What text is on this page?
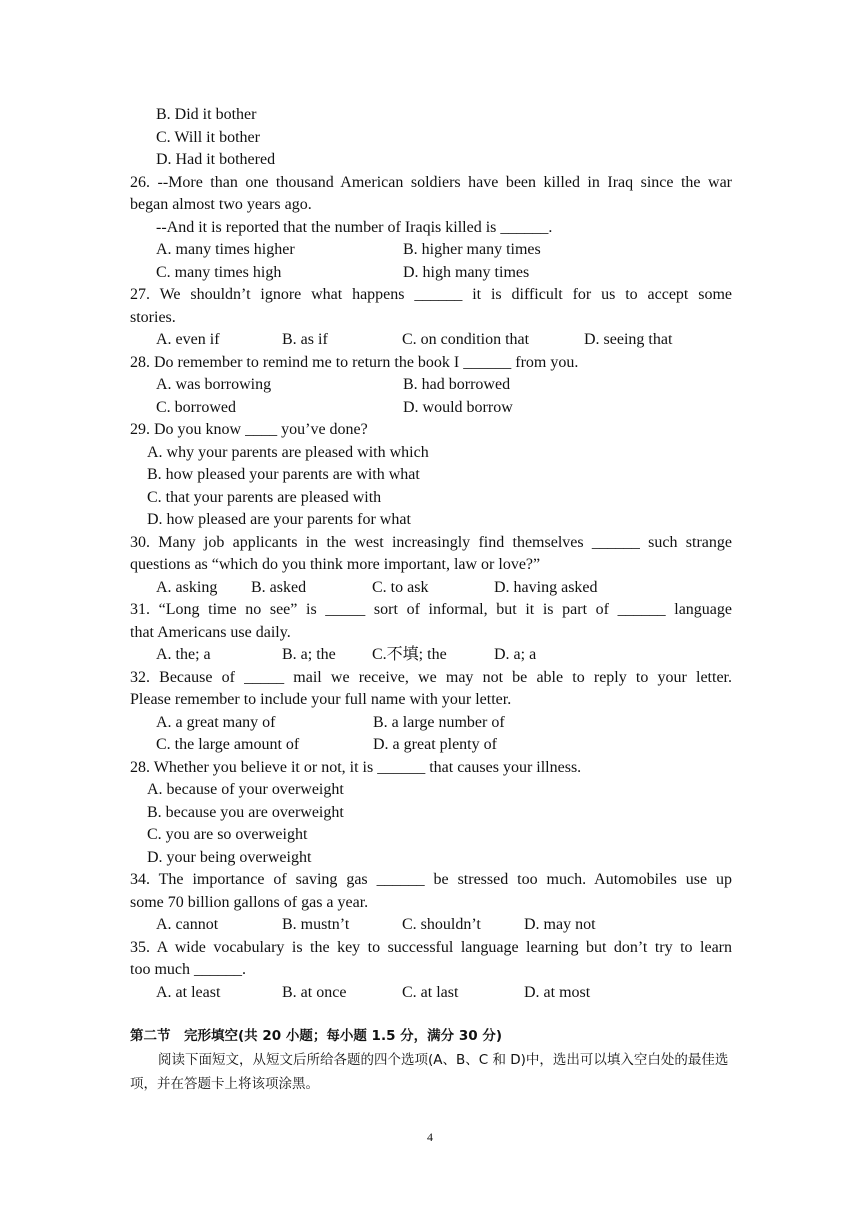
B. Did it bother
C. Will it bother
D. Had it bothered
26. --More than one thousand American soldiers have been killed in Iraq since the war
began almost two years ago.
--And it is reported that the number of Iraqis killed is ______.
A. many times higher	B. higher many times
C. many times high	D. high many times
27. We shouldn’t ignore what happens ______ it is difficult for us to accept some
stories.
A. even if	B. as if	C. on condition that	D. seeing that
28. Do remember to remind me to return the book I ______ from you.
A. was borrowing	B. had borrowed
C. borrowed	D. would borrow
29. Do you know ____ you’ve done?
A. why your parents are pleased with which
B. how pleased your parents are with what
C. that your parents are pleased with
D. how pleased are your parents for what
30. Many job applicants in the west increasingly find themselves ______ such strange
questions as “which do you think more important, law or love?”
A. asking	B. asked	C. to ask	D. having asked
31. “Long time no see” is _____ sort of informal, but it is part of ______ language
that Americans use daily.
A. the; a	B. a; the	C.不填; the	D. a; a
32. Because of _____ mail we receive, we may not be able to reply to your letter.
Please remember to include your full name with your letter.
A. a great many of	B. a large number of
C. the large amount of	D. a great plenty of
28. Whether you believe it or not, it is ______ that causes your illness.
A. because of your overweight
B. because you are overweight
C. you are so overweight
D. your being overweight
34. The importance of saving gas ______ be stressed too much. Automobiles use up
some 70 billion gallons of gas a year.
A. cannot	B. mustn’t	C. shouldn’t	D. may not
35. A wide vocabulary is the key to successful language learning but don’t try to learn
too much ______.
A. at least	B. at once	C. at last	D. at most
第二节　完形填空(共 20 小题；每小题 1.5 分，满分 30 分)
阅读下面短文，从短文后所给各题的四个选项(A、B、C 和 D)中，选出可以填入空白处的最佳选项，并在答题卡上将该项涂黑。
4
